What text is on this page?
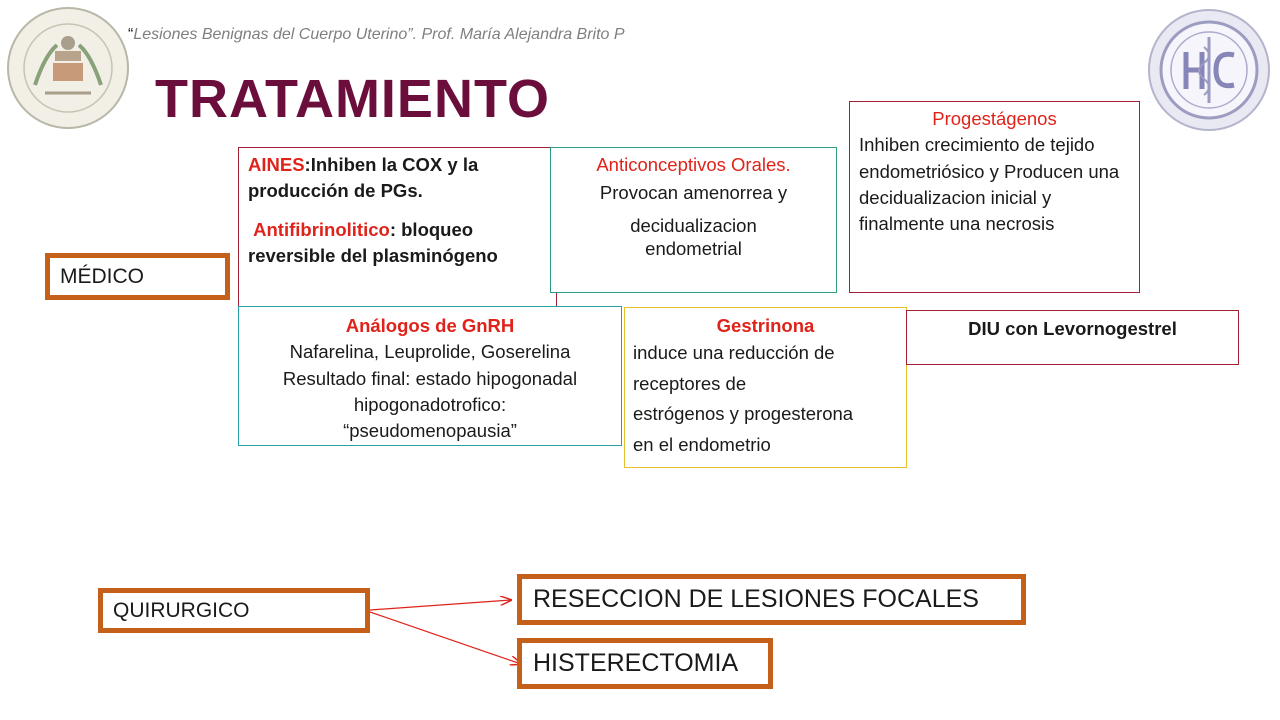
“Lesiones Benignas del Cuerpo Uterino”. Prof. María Alejandra Brito P
TRATAMIENTO
MÉDICO
AINES:Inhiben la COX y la producción de PGs.
Antifibrinolitico: bloqueo reversible del plasminógeno
Anticonceptivos Orales.
Provocan amenorrea y
decidualizacion
endometrial
Progestágenos
Inhiben crecimiento de tejido endometriósico y Producen una decidualizacion inicial y finalmente una necrosis
Análogos de GnRH
Nafarelina, Leuprolide, Goserelina
Resultado final: estado hipogonadal
hipogonadotrofico:
“pseudomenopausia”
Gestrinona
induce una reducción de
receptores de
estrógenos y progesterona
en el endometrio
DIU con Levornogestrel
QUIRURGICO	RESECCION DE LESIONES FOCALES
HISTERECTOMIA
